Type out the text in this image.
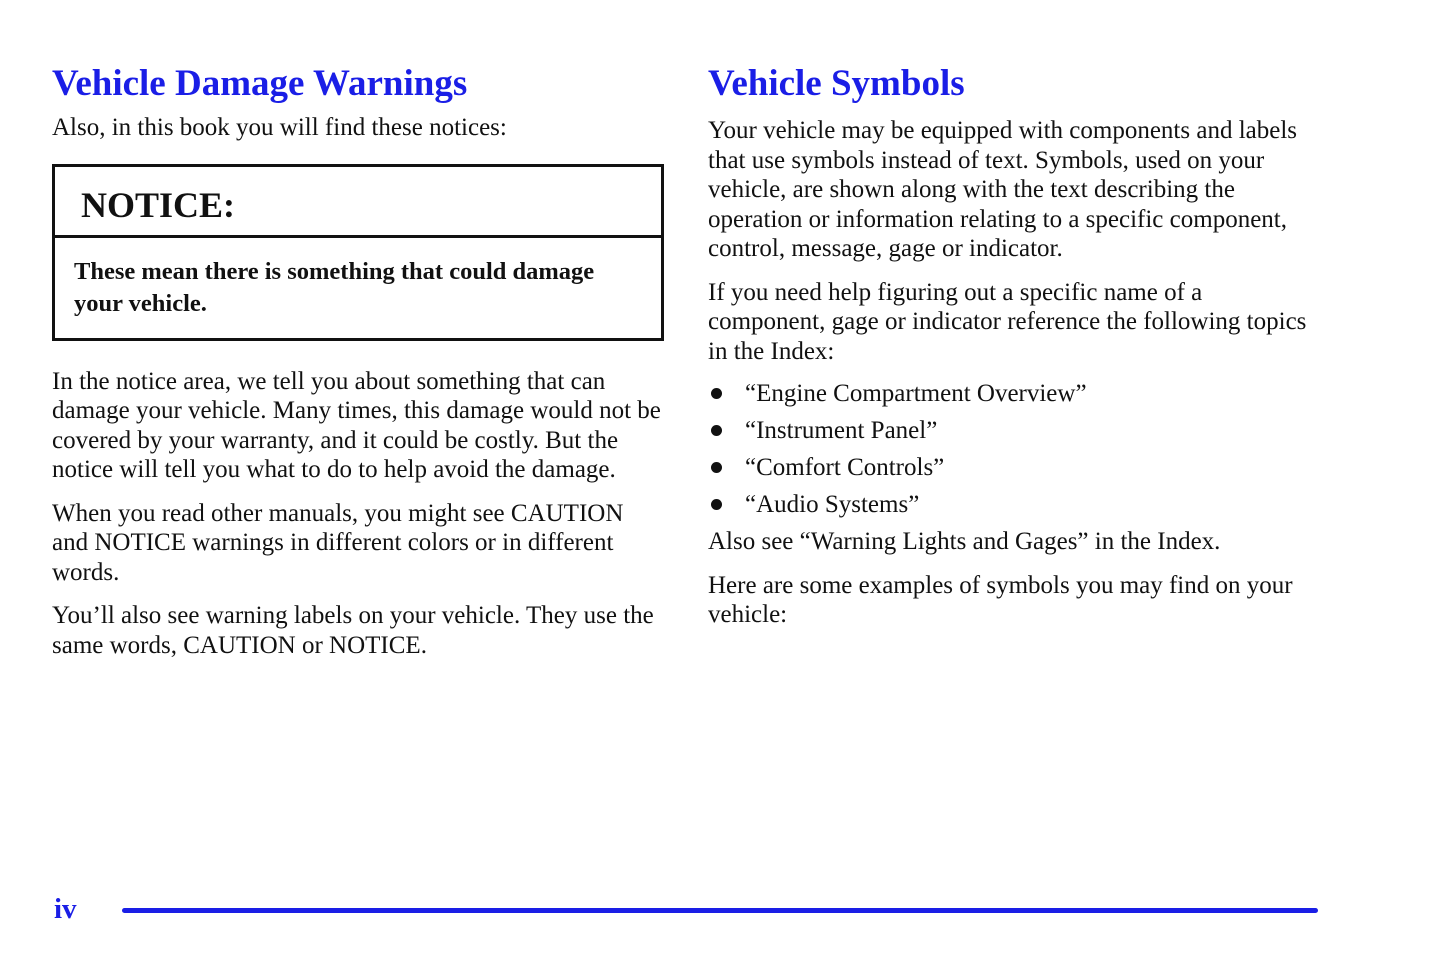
Vehicle Damage Warnings

Also, in this book you will find these notices:

NOTICE:
These mean there is something that could damage your vehicle.

In the notice area, we tell you about something that can damage your vehicle. Many times, this damage would not be covered by your warranty, and it could be costly. But the notice will tell you what to do to help avoid the damage.

When you read other manuals, you might see CAUTION and NOTICE warnings in different colors or in different words.

You’ll also see warning labels on your vehicle. They use the same words, CAUTION or NOTICE.

Vehicle Symbols

Your vehicle may be equipped with components and labels that use symbols instead of text. Symbols, used on your vehicle, are shown along with the text describing the operation or information relating to a specific component, control, message, gage or indicator.

If you need help figuring out a specific name of a component, gage or indicator reference the following topics in the Index:

“Engine Compartment Overview”
“Instrument Panel”
“Comfort Controls”
“Audio Systems”

Also see “Warning Lights and Gages” in the Index.

Here are some examples of symbols you may find on your vehicle:

iv
